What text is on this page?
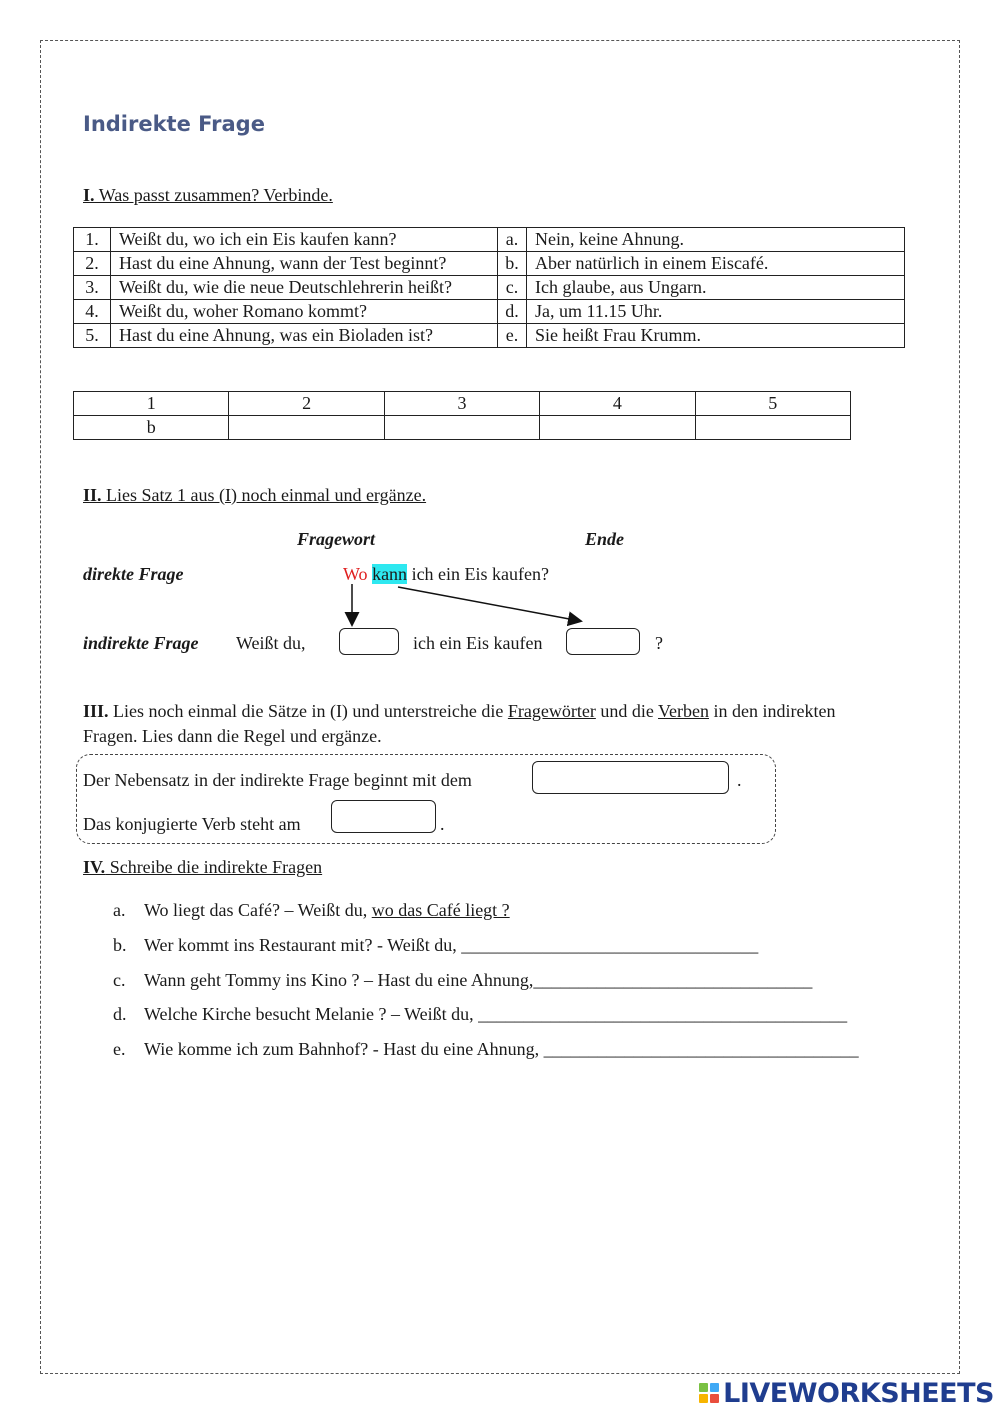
Indirekte Frage
I. Was passt zusammen? Verbinde.
1.	Weißt du, wo ich ein Eis kaufen kann?	a.	Nein, keine Ahnung.
2.	Hast du eine Ahnung, wann der Test beginnt?	b.	Aber natürlich in einem Eiscafé.
3.	Weißt du, wie die neue Deutschlehrerin heißt?	c.	Ich glaube, aus Ungarn.
4.	Weißt du, woher Romano kommt?	d.	Ja, um 11.15 Uhr.
5.	Hast du eine Ahnung, was ein Bioladen ist?	e.	Sie heißt Frau Krumm.
1	2	3	4	5
b				
II. Lies Satz 1 aus (I) noch einmal und ergänze.
Fragewort	Ende
direkte Frage	Wo kann ich ein Eis kaufen?
indirekte Frage Weißt du,	ich ein Eis kaufen	?
III. Lies noch einmal die Sätze in (I) und unterstreiche die Fragewörter und die Verben in den indirekten
Fragen. Lies dann die Regel und ergänze.
Der Nebensatz in der indirekte Frage beginnt mit dem	.
Das konjugierte Verb steht am	.
IV. Schreibe die indirekte Fragen
a. Wo liegt das Café? – Weißt du, wo das Café liegt ?
b. Wer kommt ins Restaurant mit? - Weißt du, _________________________________
c. Wann geht Tommy ins Kino ? – Hast du eine Ahnung,_______________________________
d. Welche Kirche besucht Melanie ? – Weißt du, _________________________________________
e. Wie komme ich zum Bahnhof? - Hast du eine Ahnung, ___________________________________
LIVEWORKSHEETS
